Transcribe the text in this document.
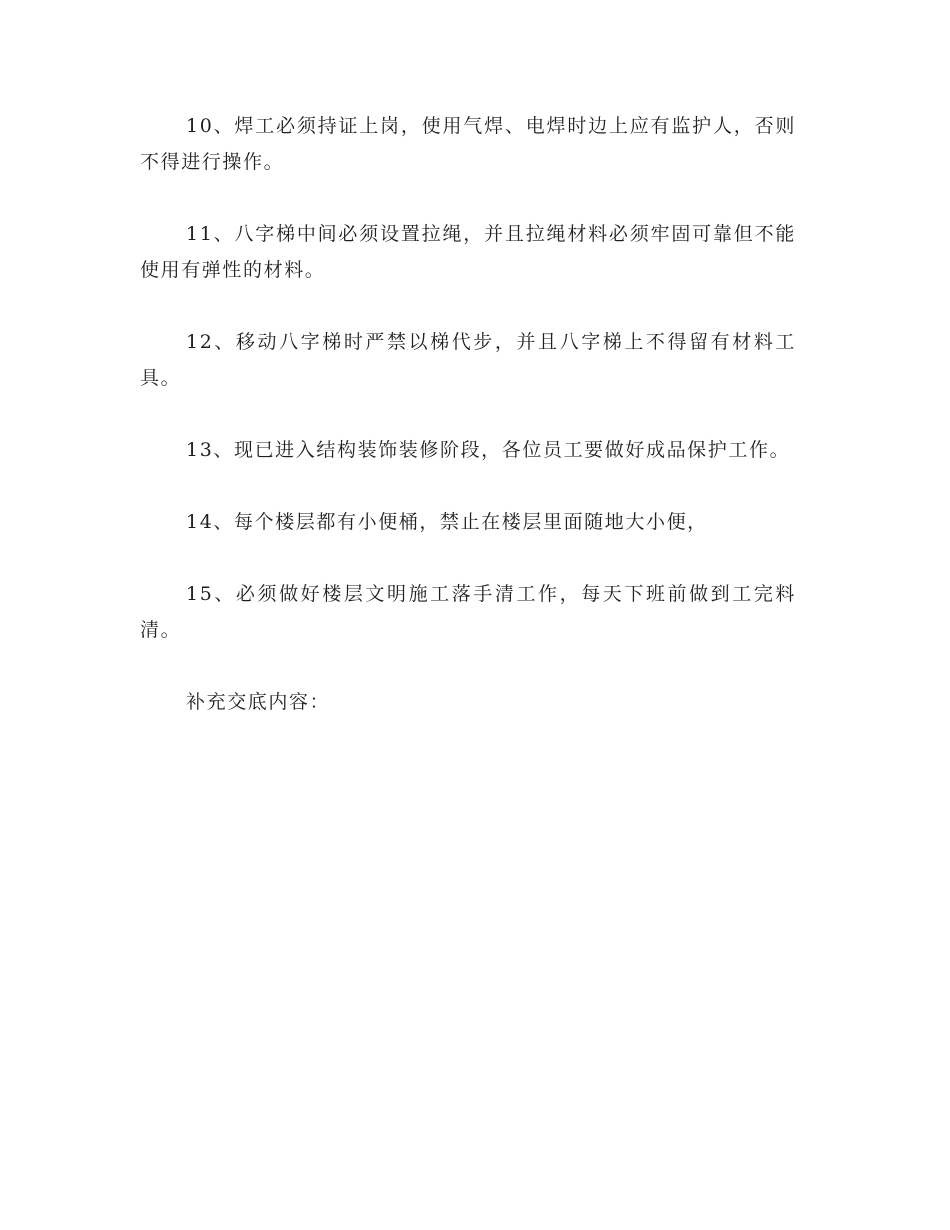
10、焊工必须持证上岗，使用气焊、电焊时边上应有监护人，否则不得进行操作。

11、八字梯中间必须设置拉绳，并且拉绳材料必须牢固可靠但不能使用有弹性的材料。

12、移动八字梯时严禁以梯代步，并且八字梯上不得留有材料工具。

13、现已进入结构装饰装修阶段，各位员工要做好成品保护工作。

14、每个楼层都有小便桶，禁止在楼层里面随地大小便，

15、必须做好楼层文明施工落手清工作，每天下班前做到工完料清。

补充交底内容：
